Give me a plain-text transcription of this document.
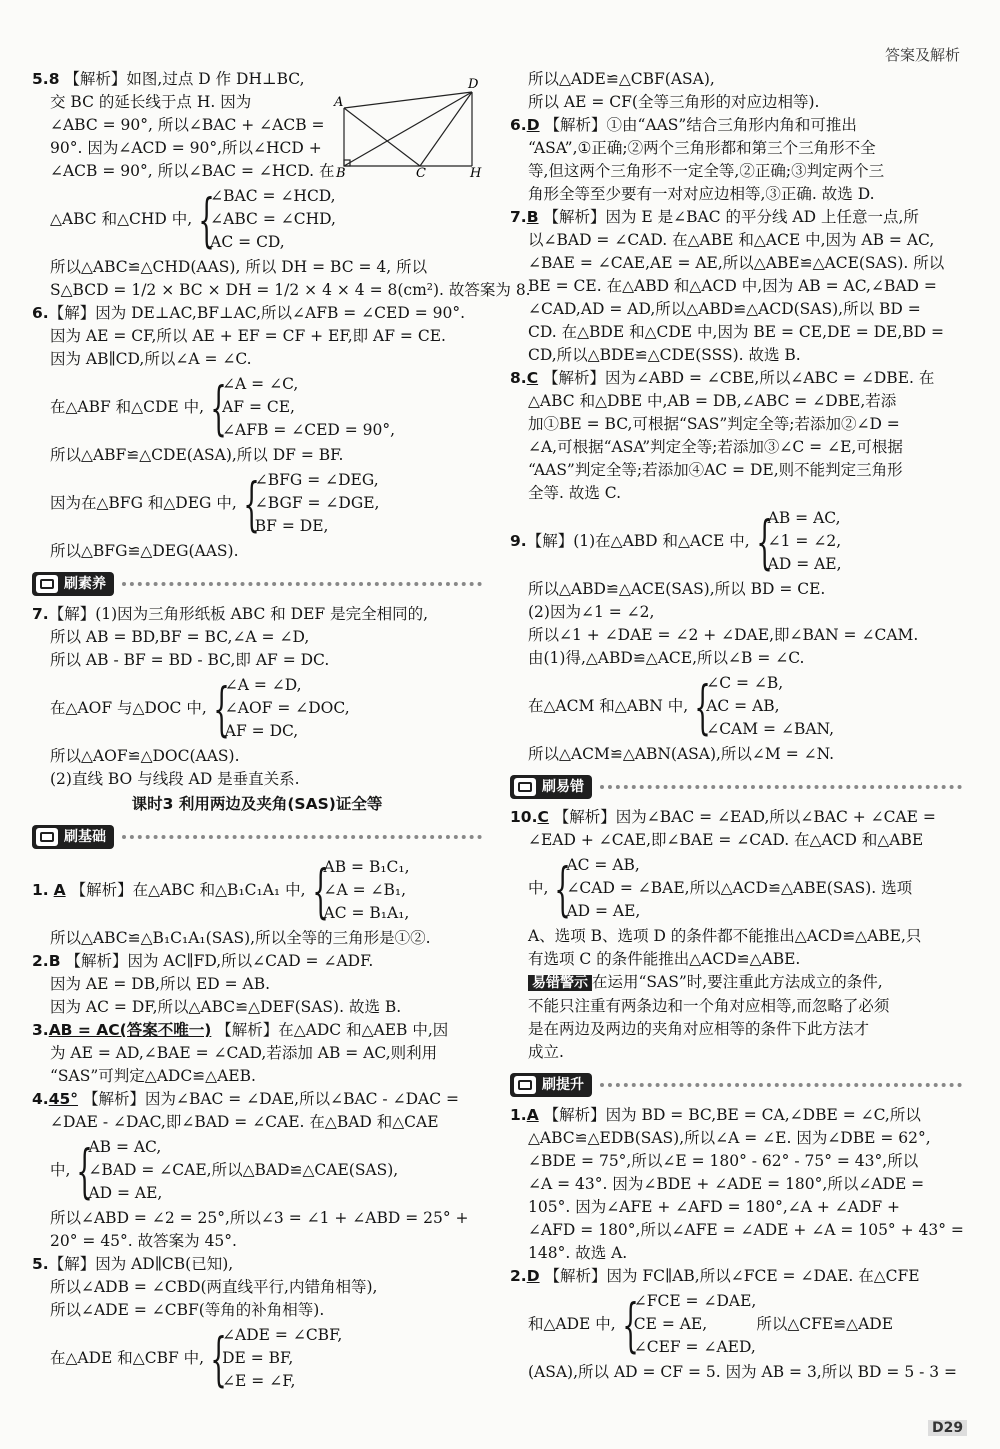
答案及解析
A
B	C
D
H

5.8 【解析】如图,过点 D 作 DH⊥BC,

交 BC 的延长线于点 H. 因为

∠ABC = 90°, 所以∠BAC + ∠ACB =

90°. 因为∠ACD = 90°,所以∠HCD +

∠ACB = 90°, 所以∠BAC = ∠HCD. 在

△ABC 和△CHD 中, {
∠BAC = ∠HCD,
∠ABC = ∠CHD,
AC = CD,

所以△ABC≌△CHD(AAS), 所以 DH = BC = 4, 所以

S△BCD = 1/2 × BC × DH = 1/2 × 4 × 4 = 8(cm²). 故答案为 8.

6.【解】因为 DE⊥AC,BF⊥AC,所以∠AFB = ∠CED = 90°.

因为 AE = CF,所以 AE + EF = CF + EF,即 AF = CE.

因为 AB∥CD,所以∠A = ∠C.

在△ABF 和△CDE 中, {
∠A = ∠C,
AF = CE,
∠AFB = ∠CED = 90°,

所以△ABF≌△CDE(ASA),所以 DF = BF.

因为在△BFG 和△DEG 中, {
∠BFG = ∠DEG,
∠BGF = ∠DGE,
BF = DE,

所以△BFG≌△DEG(AAS).

刷素养

7.【解】(1)因为三角形纸板 ABC 和 DEF 是完全相同的,

所以 AB = BD,BF = BC,∠A = ∠D,

所以 AB - BF = BD - BC,即 AF = DC.

在△AOF 与△DOC 中, {
∠A = ∠D,
∠AOF = ∠DOC,
AF = DC,

所以△AOF≌△DOC(AAS).

(2)直线 BO 与线段 AD 是垂直关系.

课时3 利用两边及夹角(SAS)证全等

刷基础
1.
A
【解析】在△ABC 和△B₁C₁A₁ 中, {
AB = B₁C₁,
∠A = ∠B₁,
AC = B₁A₁,

所以△ABC≌△B₁C₁A₁(SAS),所以全等的三角形是①②.

2.B 【解析】因为 AC∥FD,所以∠CAD = ∠ADF.

因为 AE = DB,所以 ED = AB.

因为 AC = DF,所以△ABC≌△DEF(SAS). 故选 B.

3.AB = AC(答案不唯一) 【解析】在△ADC 和△AEB 中,因

为 AE = AD,∠BAE = ∠CAD,若添加 AB = AC,则利用

“SAS”可判定△ADC≌△AEB.

4.45° 【解析】因为∠BAC = ∠DAE,所以∠BAC - ∠DAC =

∠DAE - ∠DAC,即∠BAD = ∠CAE. 在△BAD 和△CAE

中, {
AB = AC,
∠BAD = ∠CAE,
AD = AE,
所以△BAD≌△CAE(SAS),

所以∠ABD = ∠2 = 25°,所以∠3 = ∠1 + ∠ABD = 25° +

20° = 45°. 故答案为 45°.

5.【解】因为 AD∥CB(已知),

所以∠ADB = ∠CBD(两直线平行,内错角相等),

所以∠ADE = ∠CBF(等角的补角相等).

在△ADE 和△CBF 中, {
∠ADE = ∠CBF,
DE = BF,
∠E = ∠F,

所以△ADE≌△CBF(ASA),

所以 AE = CF(全等三角形的对应边相等).

6.D 【解析】①由“AAS”结合三角形内角和可推出

“ASA”,①正确;②两个三角形都和第三个三角形不全

等,但这两个三角形不一定全等,②正确;③判定两个三

角形全等至少要有一对对应边相等,③正确. 故选 D.

7.B 【解析】因为 E 是∠BAC 的平分线 AD 上任意一点,所

以∠BAD = ∠CAD. 在△ABE 和△ACE 中,因为 AB = AC,

∠BAE = ∠CAE,AE = AE,所以△ABE≌△ACE(SAS). 所以

BE = CE. 在△ABD 和△ACD 中,因为 AB = AC,∠BAD =

∠CAD,AD = AD,所以△ABD≌△ACD(SAS),所以 BD =

CD. 在△BDE 和△CDE 中,因为 BE = CE,DE = DE,BD =

CD,所以△BDE≌△CDE(SSS). 故选 B.

8.C 【解析】因为∠ABD = ∠CBE,所以∠ABC = ∠DBE. 在

△ABC 和△DBE 中,AB = DB,∠ABC = ∠DBE,若添

加①BE = BC,可根据“SAS”判定全等;若添加②∠D =

∠A,可根据“ASA”判定全等;若添加③∠C = ∠E,可根据

“AAS”判定全等;若添加④AC = DE,则不能判定三角形

全等. 故选 C.

9. 【解】(1)在△ABD 和△ACE 中, {
AB = AC,
∠1 = ∠2,
AD = AE,

所以△ABD≌△ACE(SAS),所以 BD = CE.

(2)因为∠1 = ∠2,

所以∠1 + ∠DAE = ∠2 + ∠DAE,即∠BAN = ∠CAM.

由(1)得,△ABD≌△ACE,所以∠B = ∠C.

在△ACM 和△ABN 中, {
∠C = ∠B,
AC = AB,
∠CAM = ∠BAN,

所以△ACM≌△ABN(ASA),所以∠M = ∠N.

刷易错

10.C 【解析】因为∠BAC = ∠EAD,所以∠BAC + ∠CAE =

∠EAD + ∠CAE,即∠BAE = ∠CAD. 在△ACD 和△ABE

中, {
AC = AB,
∠CAD = ∠BAE,
AD = AE,
所以△ACD≌△ABE(SAS). 选项

A、选项 B、选项 D 的条件都不能推出△ACD≌△ABE,只

有选项 C 的条件能推出△ACD≌△ABE.

易错警示 在运用“SAS”时,要注重此方法成立的条件,

不能只注重有两条边和一个角对应相等,而忽略了必须

是在两边及两边的夹角对应相等的条件下此方法才

成立.

刷提升

1.A 【解析】因为 BD = BC,BE = CA,∠DBE = ∠C,所以

△ABC≌△EDB(SAS),所以∠A = ∠E. 因为∠DBE = 62°,

∠BDE = 75°,所以∠E = 180° - 62° - 75° = 43°,所以

∠A = 43°. 因为∠BDE + ∠ADE = 180°,所以∠ADE =

105°. 因为∠AFE + ∠AFD = 180°,∠A + ∠ADF +

∠AFD = 180°,所以∠AFE = ∠ADE + ∠A = 105° + 43° =

148°. 故选 A.

2.D 【解析】因为 FC∥AB,所以∠FCE = ∠DAE. 在△CFE

和△ADE 中, {
∠FCE = ∠DAE,
CE = AE,
∠CEF = ∠AED,
所以△CFE≌△ADE

(ASA),所以 AD = CF = 5. 因为 AB = 3,所以 BD = 5 - 3 =

D29
